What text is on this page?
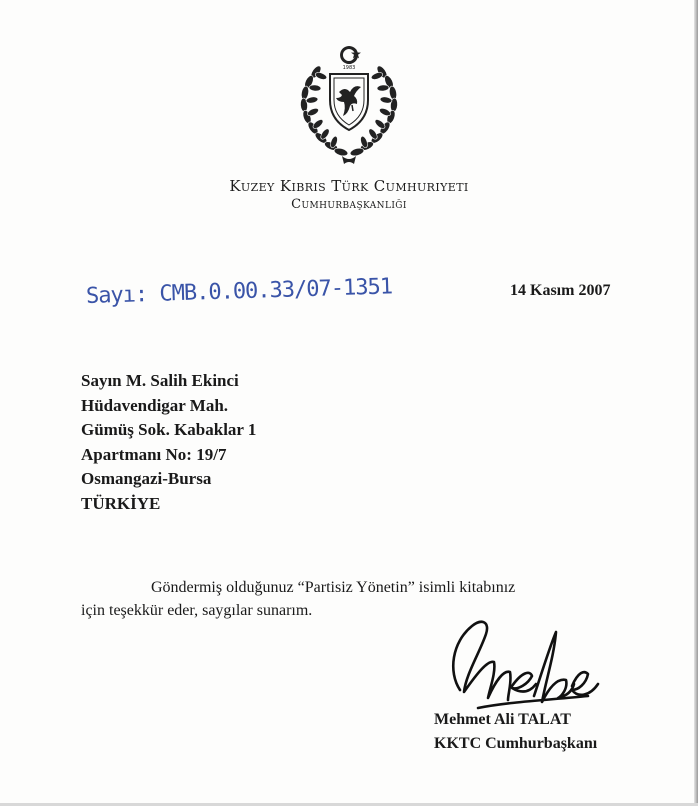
1983
Kuzey Kıbrıs Türk Cumhuriyeti
Cumhurbaşkanlığı
Sayı: CMB.0.00.33/07-1351	14 Kasım 2007
Sayın M. Salih Ekinci
Hüdavendigar Mah.
Gümüş Sok. Kabaklar 1
Apartmanı No: 19/7
Osmangazi-Bursa
TÜRKİYE
Göndermiş olduğunuz “Partisiz Yönetin” isimli kitabınız
için teşekkür eder, saygılar sunarım.
Mehmet Ali TALAT
KKTC Cumhurbaşkanı
